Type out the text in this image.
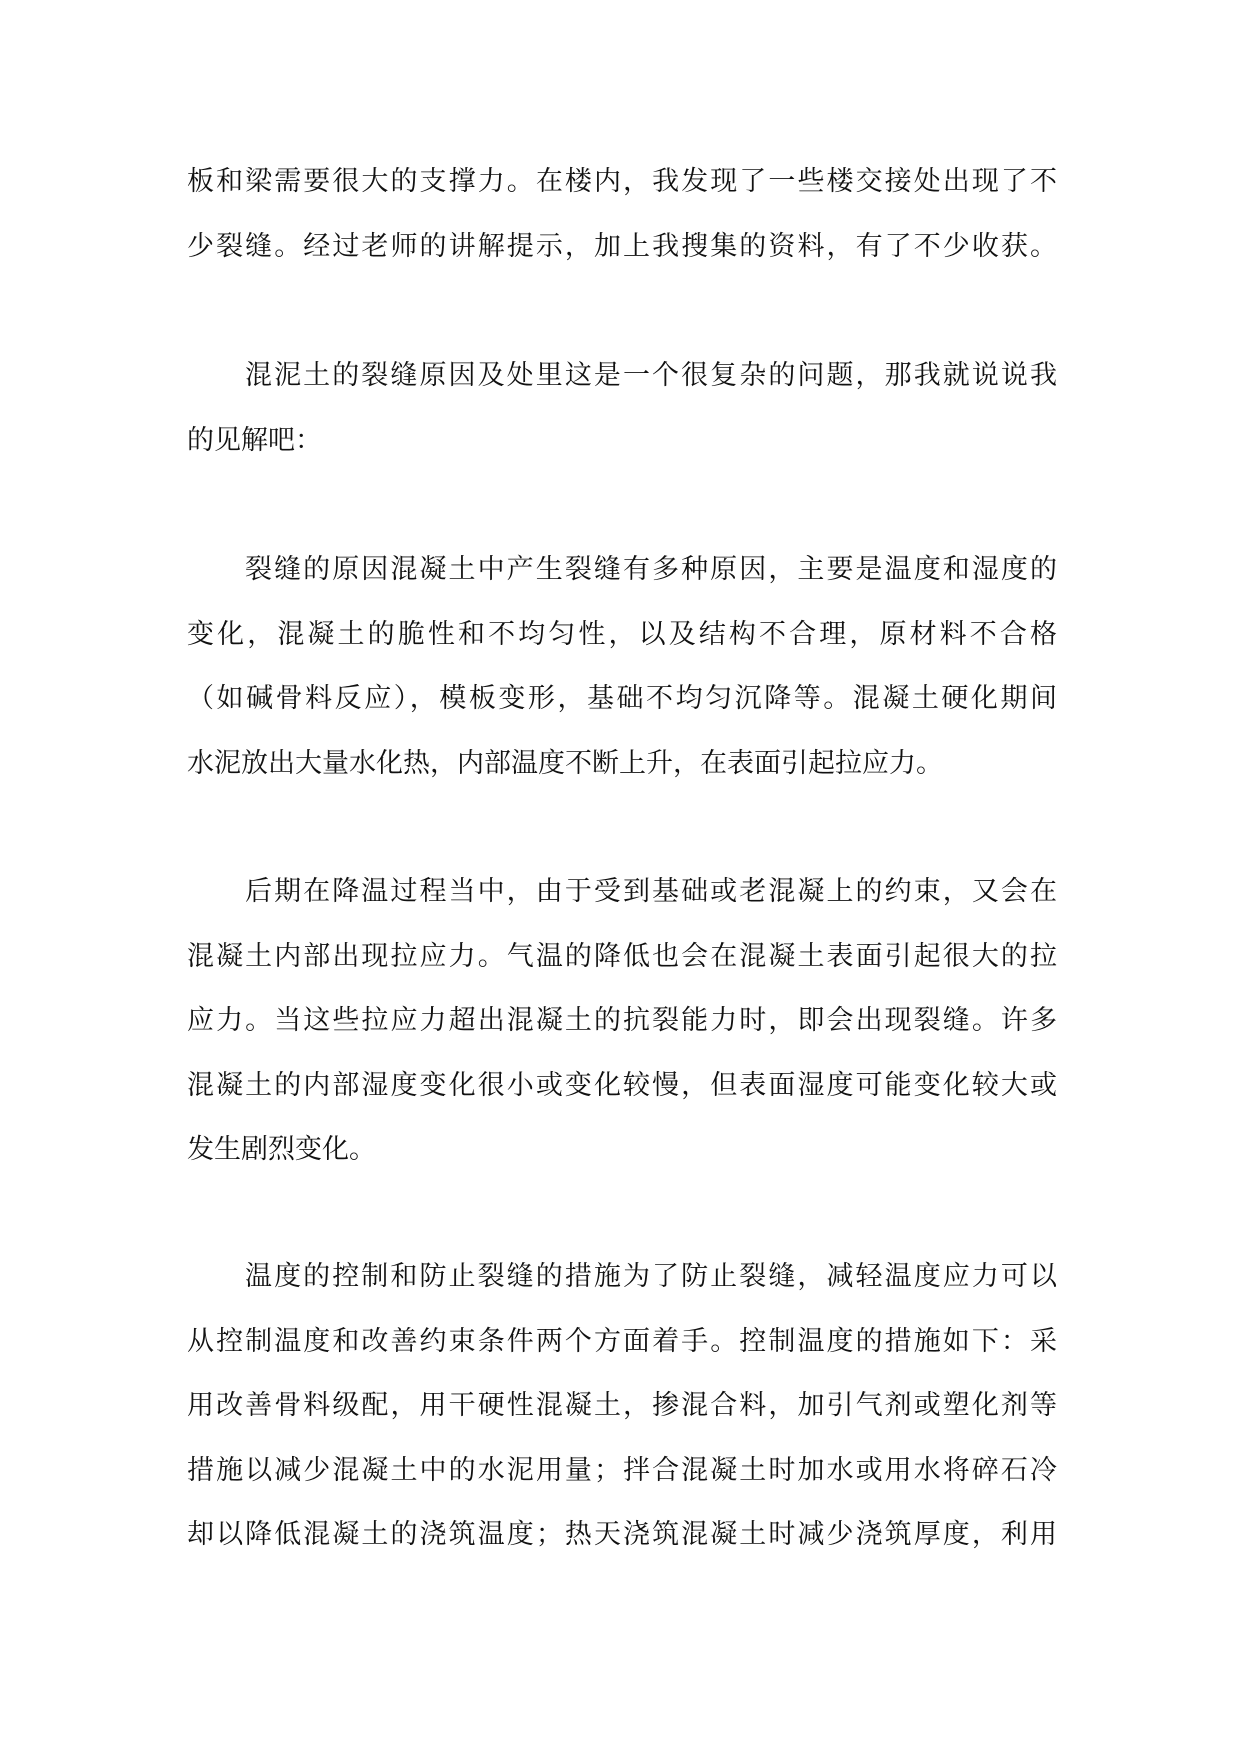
板和梁需要很大的支撑力。在楼内，我发现了一些楼交接处出现了不
少裂缝。经过老师的讲解提示，加上我搜集的资料，有了不少收获。
混泥土的裂缝原因及处里这是一个很复杂的问题，那我就说说我
的见解吧：
裂缝的原因混凝土中产生裂缝有多种原因，主要是温度和湿度的
变化，混凝土的脆性和不均匀性，以及结构不合理，原材料不合格
（如碱骨料反应），模板变形，基础不均匀沉降等。混凝土硬化期间
水泥放出大量水化热，内部温度不断上升，在表面引起拉应力。
后期在降温过程当中，由于受到基础或老混凝上的约束，又会在
混凝土内部出现拉应力。气温的降低也会在混凝土表面引起很大的拉
应力。当这些拉应力超出混凝土的抗裂能力时，即会出现裂缝。许多
混凝土的内部湿度变化很小或变化较慢，但表面湿度可能变化较大或
发生剧烈变化。
温度的控制和防止裂缝的措施为了防止裂缝，减轻温度应力可以
从控制温度和改善约束条件两个方面着手。控制温度的措施如下：采
用改善骨料级配，用干硬性混凝土，掺混合料，加引气剂或塑化剂等
措施以减少混凝土中的水泥用量；拌合混凝土时加水或用水将碎石冷
却以降低混凝土的浇筑温度；热天浇筑混凝土时减少浇筑厚度，利用
